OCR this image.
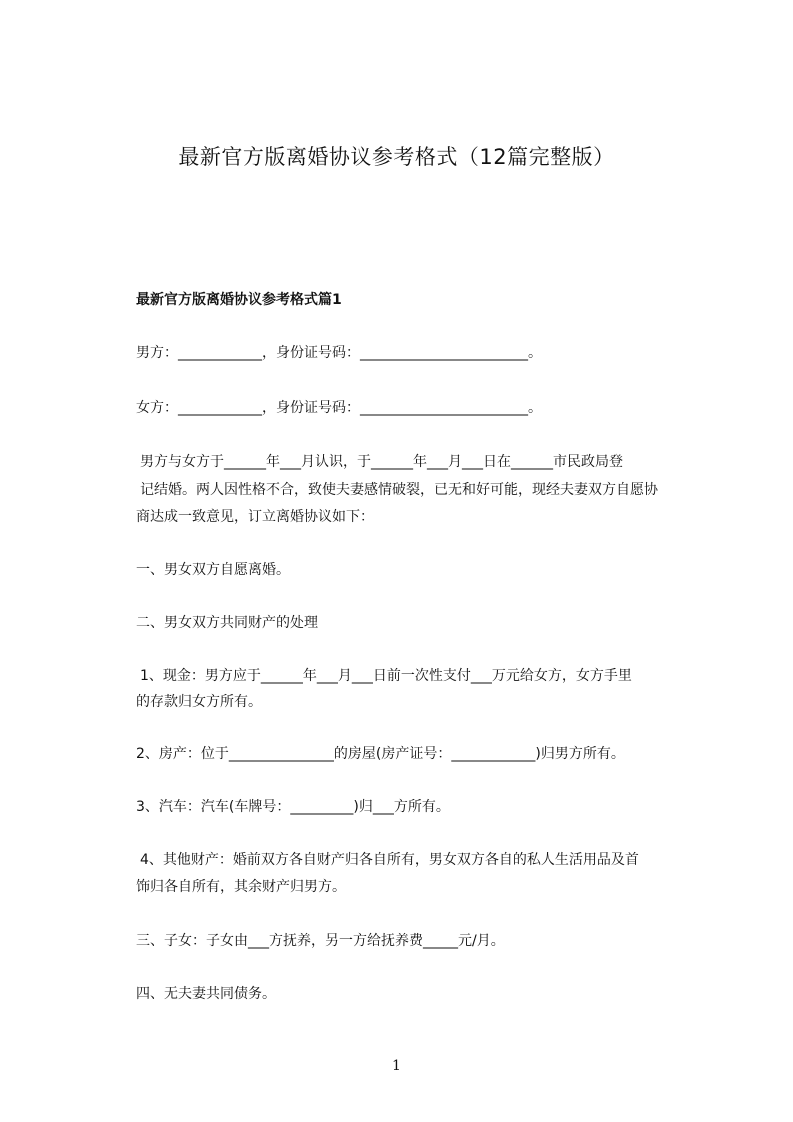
最新官方版离婚协议参考格式（12篇完整版）
最新官方版离婚协议参考格式篇1
男方：____________，身份证号码：________________________。
女方：____________，身份证号码：________________________。
男方与女方于______年___月认识，于______年___月___日在______市民政局登
记结婚。两人因性格不合，致使夫妻感情破裂，已无和好可能，现经夫妻双方自愿协
商达成一致意见，订立离婚协议如下：
一、男女双方自愿离婚。
二、男女双方共同财产的处理
1、现金：男方应于______年___月___日前一次性支付___万元给女方，女方手里
的存款归女方所有。
2、房产：位于_______________的房屋(房产证号：____________)归男方所有。
3、汽车：汽车(车牌号：_________)归___方所有。
4、其他财产：婚前双方各自财产归各自所有，男女双方各自的私人生活用品及首
饰归各自所有，其余财产归男方。
三、子女：子女由___方抚养，另一方给抚养费_____元/月。
四、无夫妻共同债务。
1
